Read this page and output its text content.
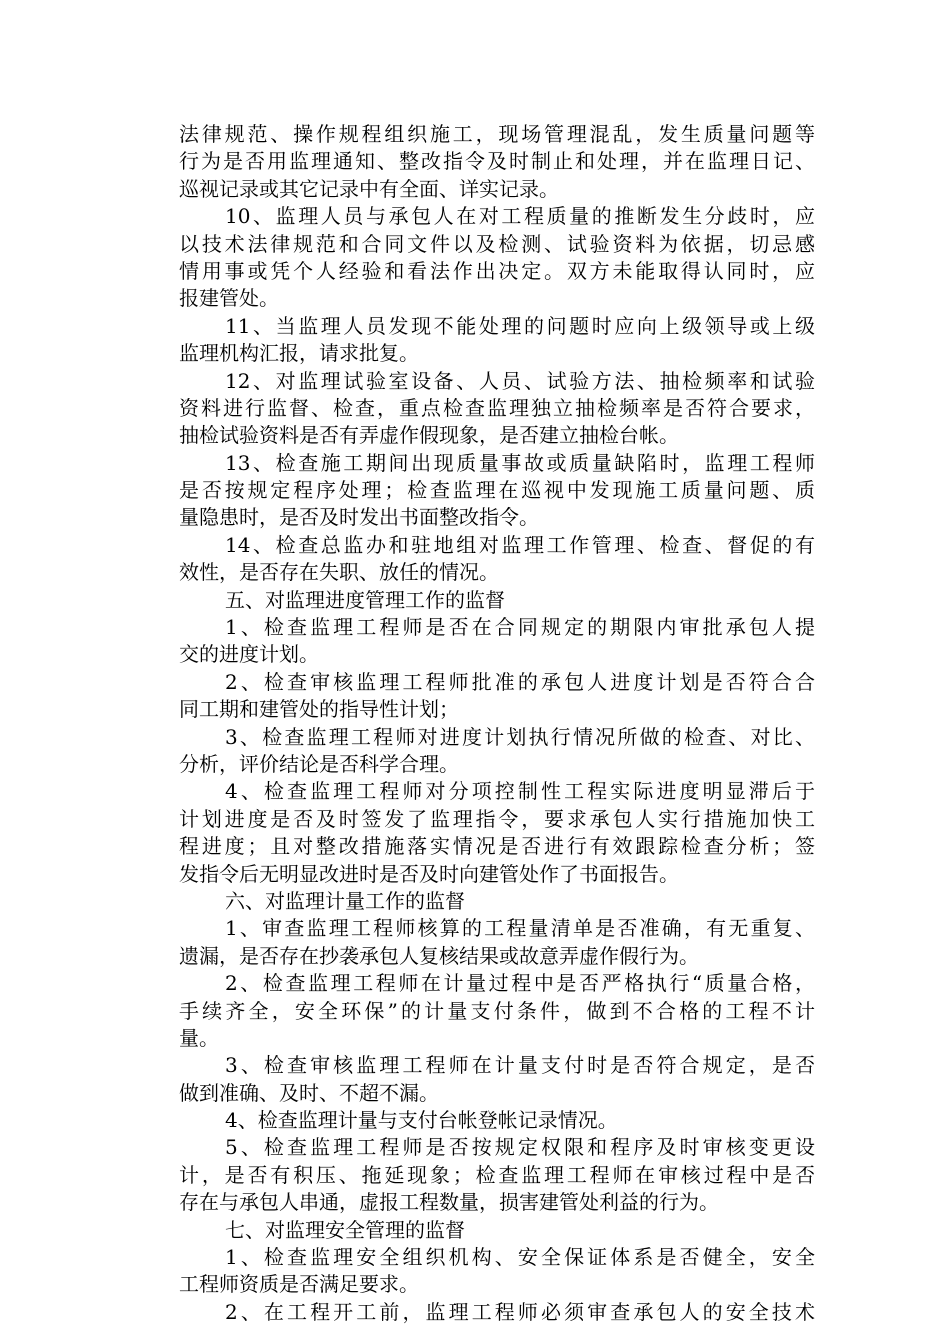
法律规范、操作规程组织施工，现场管理混乱，发生质量问题等
行为是否用监理通知、整改指令及时制止和处理，并在监理日记、
巡视记录或其它记录中有全面、详实记录。
10、监理人员与承包人在对工程质量的推断发生分歧时，应
以技术法律规范和合同文件以及检测、试验资料为依据，切忌感
情用事或凭个人经验和看法作出决定。双方未能取得认同时，应
报建管处。
11、当监理人员发现不能处理的问题时应向上级领导或上级
监理机构汇报，请求批复。
12、对监理试验室设备、人员、试验方法、抽检频率和试验
资料进行监督、检查，重点检查监理独立抽检频率是否符合要求，
抽检试验资料是否有弄虚作假现象，是否建立抽检台帐。
13、检查施工期间出现质量事故或质量缺陷时，监理工程师
是否按规定程序处理；检查监理在巡视中发现施工质量问题、质
量隐患时，是否及时发出书面整改指令。
14、检查总监办和驻地组对监理工作管理、检查、督促的有
效性，是否存在失职、放任的情况。
五、对监理进度管理工作的监督
1、检查监理工程师是否在合同规定的期限内审批承包人提
交的进度计划。
2、检查审核监理工程师批准的承包人进度计划是否符合合
同工期和建管处的指导性计划；
3、检查监理工程师对进度计划执行情况所做的检查、对比、
分析，评价结论是否科学合理。
4、检查监理工程师对分项控制性工程实际进度明显滞后于
计划进度是否及时签发了监理指令，要求承包人实行措施加快工
程进度；且对整改措施落实情况是否进行有效跟踪检查分析；签
发指令后无明显改进时是否及时向建管处作了书面报告。
六、对监理计量工作的监督
1、审查监理工程师核算的工程量清单是否准确，有无重复、
遗漏，是否存在抄袭承包人复核结果或故意弄虚作假行为。
2、检查监理工程师在计量过程中是否严格执行“质量合格，
手续齐全，安全环保”的计量支付条件，做到不合格的工程不计
量。
3、检查审核监理工程师在计量支付时是否符合规定，是否
做到准确、及时、不超不漏。
4、检查监理计量与支付台帐登帐记录情况。
5、检查监理工程师是否按规定权限和程序及时审核变更设
计，是否有积压、拖延现象；检查监理工程师在审核过程中是否
存在与承包人串通，虚报工程数量，损害建管处利益的行为。
七、对监理安全管理的监督
1、检查监理安全组织机构、安全保证体系是否健全，安全
工程师资质是否满足要求。
2、在工程开工前，监理工程师必须审查承包人的安全技术
